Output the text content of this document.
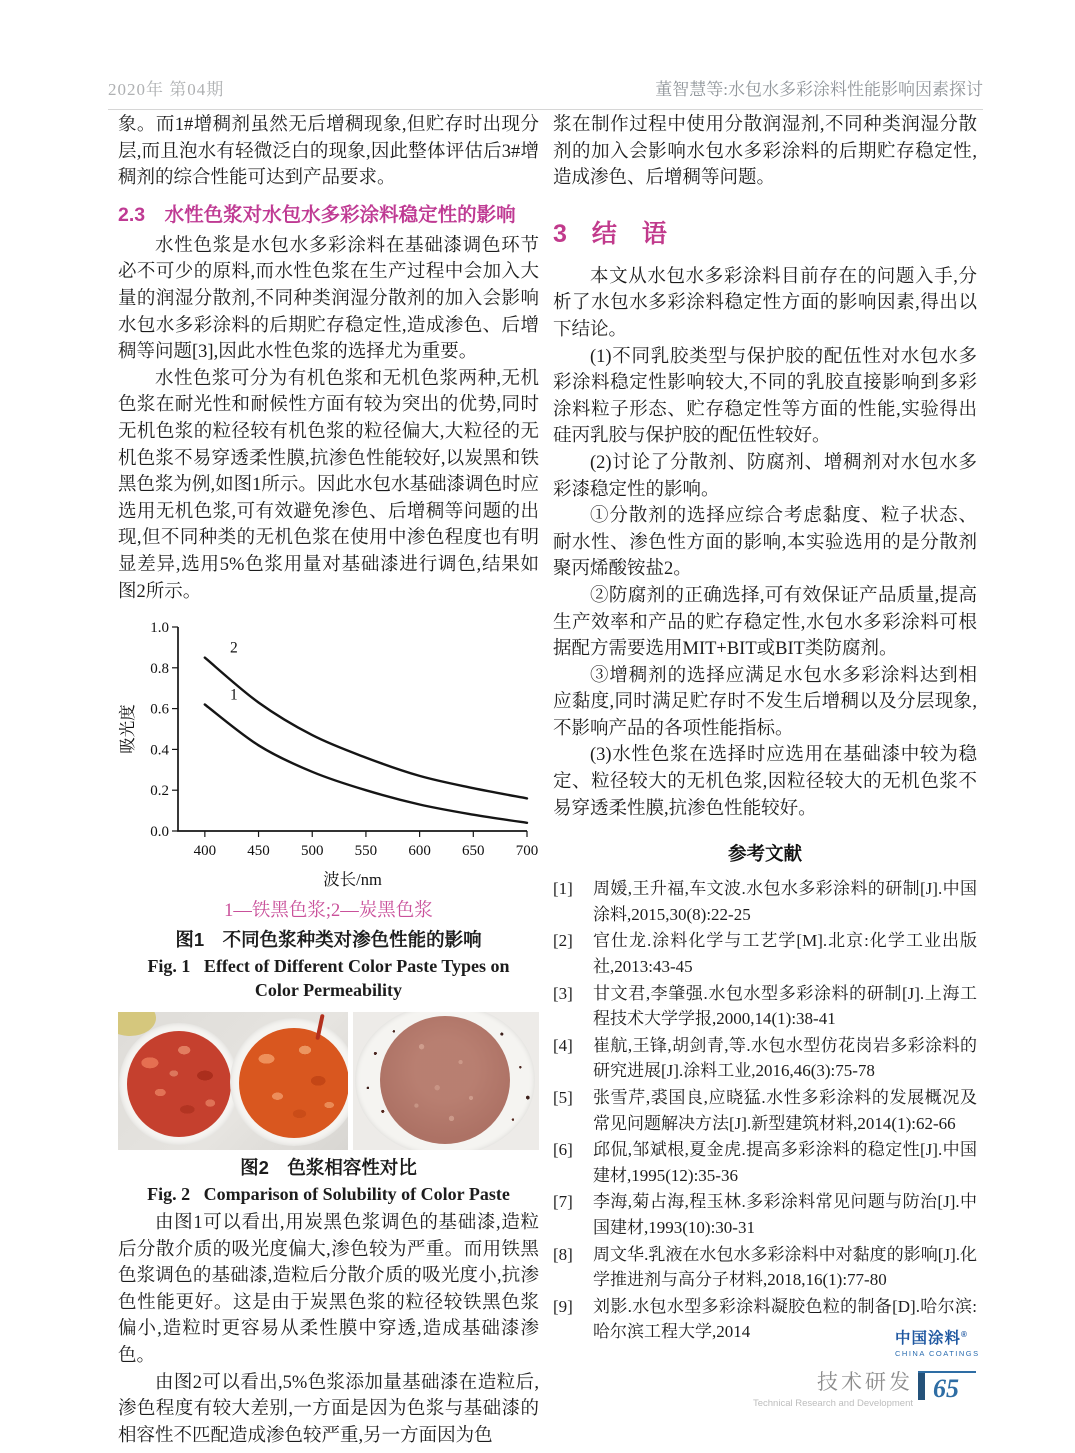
2020年 第04期	董智慧等:水包水多彩涂料性能影响因素探讨

象。而1#增稠剂虽然无后增稠现象,但贮存时出现分层,而且泡水有轻微泛白的现象,因此整体评估后3#增稠剂的综合性能可达到产品要求。

2.3　水性色浆对水包水多彩涂料稳定性的影响

水性色浆是水包水多彩涂料在基础漆调色环节必不可少的原料,而水性色浆在生产过程中会加入大量的润湿分散剂,不同种类润湿分散剂的加入会影响水包水多彩涂料的后期贮存稳定性,造成渗色、后增稠等问题[3],因此水性色浆的选择尤为重要。

水性色浆可分为有机色浆和无机色浆两种,无机色浆在耐光性和耐候性方面有较为突出的优势,同时无机色浆的粒径较有机色浆的粒径偏大,大粒径的无机色浆不易穿透柔性膜,抗渗色性能较好,以炭黑和铁黑色浆为例,如图1所示。因此水包水基础漆调色时应选用无机色浆,可有效避免渗色、后增稠等问题的出现,但不同种类的无机色浆在使用中渗色程度也有明显差异,选用5%色浆用量对基础漆进行调色,结果如图2所示。

0.0
0.2
0.4
0.6
0.8
1.0
400 450 500 550 600 650 700
吸光度
波长/nm
1
2
1—铁黑色浆;2—炭黑色浆
图1　不同色浆种类对渗色性能的影响
Fig. 1   Effect of Different Color Paste Types on Color Permeability
图2　色浆相容性对比
Fig. 2   Comparison of Solubility of Color Paste

由图1可以看出,用炭黑色浆调色的基础漆,造粒后分散介质的吸光度偏大,渗色较为严重。而用铁黑色浆调色的基础漆,造粒后分散介质的吸光度小,抗渗色性能更好。这是由于炭黑色浆的粒径较铁黑色浆偏小,造粒时更容易从柔性膜中穿透,造成基础漆渗色。

由图2可以看出,5%色浆添加量基础漆在造粒后,渗色程度有较大差别,一方面是因为色浆与基础漆的相容性不匹配造成渗色较严重,另一方面因为色

浆在制作过程中使用分散润湿剂,不同种类润湿分散剂的加入会影响水包水多彩涂料的后期贮存稳定性,造成渗色、后增稠等问题。

3　结　语

本文从水包水多彩涂料目前存在的问题入手,分析了水包水多彩涂料稳定性方面的影响因素,得出以下结论。

(1)不同乳胶类型与保护胶的配伍性对水包水多彩涂料稳定性影响较大,不同的乳胶直接影响到多彩涂料粒子形态、贮存稳定性等方面的性能,实验得出硅丙乳胶与保护胶的配伍性较好。

(2)讨论了分散剂、防腐剂、增稠剂对水包水多彩漆稳定性的影响。

①分散剂的选择应综合考虑黏度、粒子状态、耐水性、渗色性方面的影响,本实验选用的是分散剂聚丙烯酸铵盐2。

②防腐剂的正确选择,可有效保证产品质量,提高生产效率和产品的贮存稳定性,水包水多彩涂料可根据配方需要选用MIT+BIT或BIT类防腐剂。

③增稠剂的选择应满足水包水多彩涂料达到相应黏度,同时满足贮存时不发生后增稠以及分层现象,不影响产品的各项性能指标。

(3)水性色浆在选择时应选用在基础漆中较为稳定、粒径较大的无机色浆,因粒径较大的无机色浆不易穿透柔性膜,抗渗色性能较好。

参考文献
[1]	周媛,王升福,车文波.水包水多彩涂料的研制[J].中国涂料,2015,30(8):22-25
[2]	官仕龙.涂料化学与工艺学[M].北京:化学工业出版社,2013:43-45
[3]	甘文君,李肇强.水包水型多彩涂料的研制[J].上海工程技术大学学报,2000,14(1):38-41
[4]	崔航,王锋,胡剑青,等.水包水型仿花岗岩多彩涂料的研究进展[J].涂料工业,2016,46(3):75-78
[5]	张雪芹,裘国良,应晓猛.水性多彩涂料的发展概况及常见问题解决方法[J].新型建筑材料,2014(1):62-66
[6]	邱侃,邹斌根,夏金虎.提高多彩涂料的稳定性[J].中国建材,1995(12):35-36
[7]	李海,菊占海,程玉林.多彩涂料常见问题与防治[J].中国建材,1993(10):30-31
[8]	周文华.乳液在水包水多彩涂料中对黏度的影响[J].化学推进剂与高分子材料,2018,16(1):77-80
[9]	刘影.水包水型多彩涂料凝胶色粒的制备[D].哈尔滨:哈尔滨工程大学,2014	中国涂料®
CHINA COATINGS
技术研发
Technical Research and Development
65
